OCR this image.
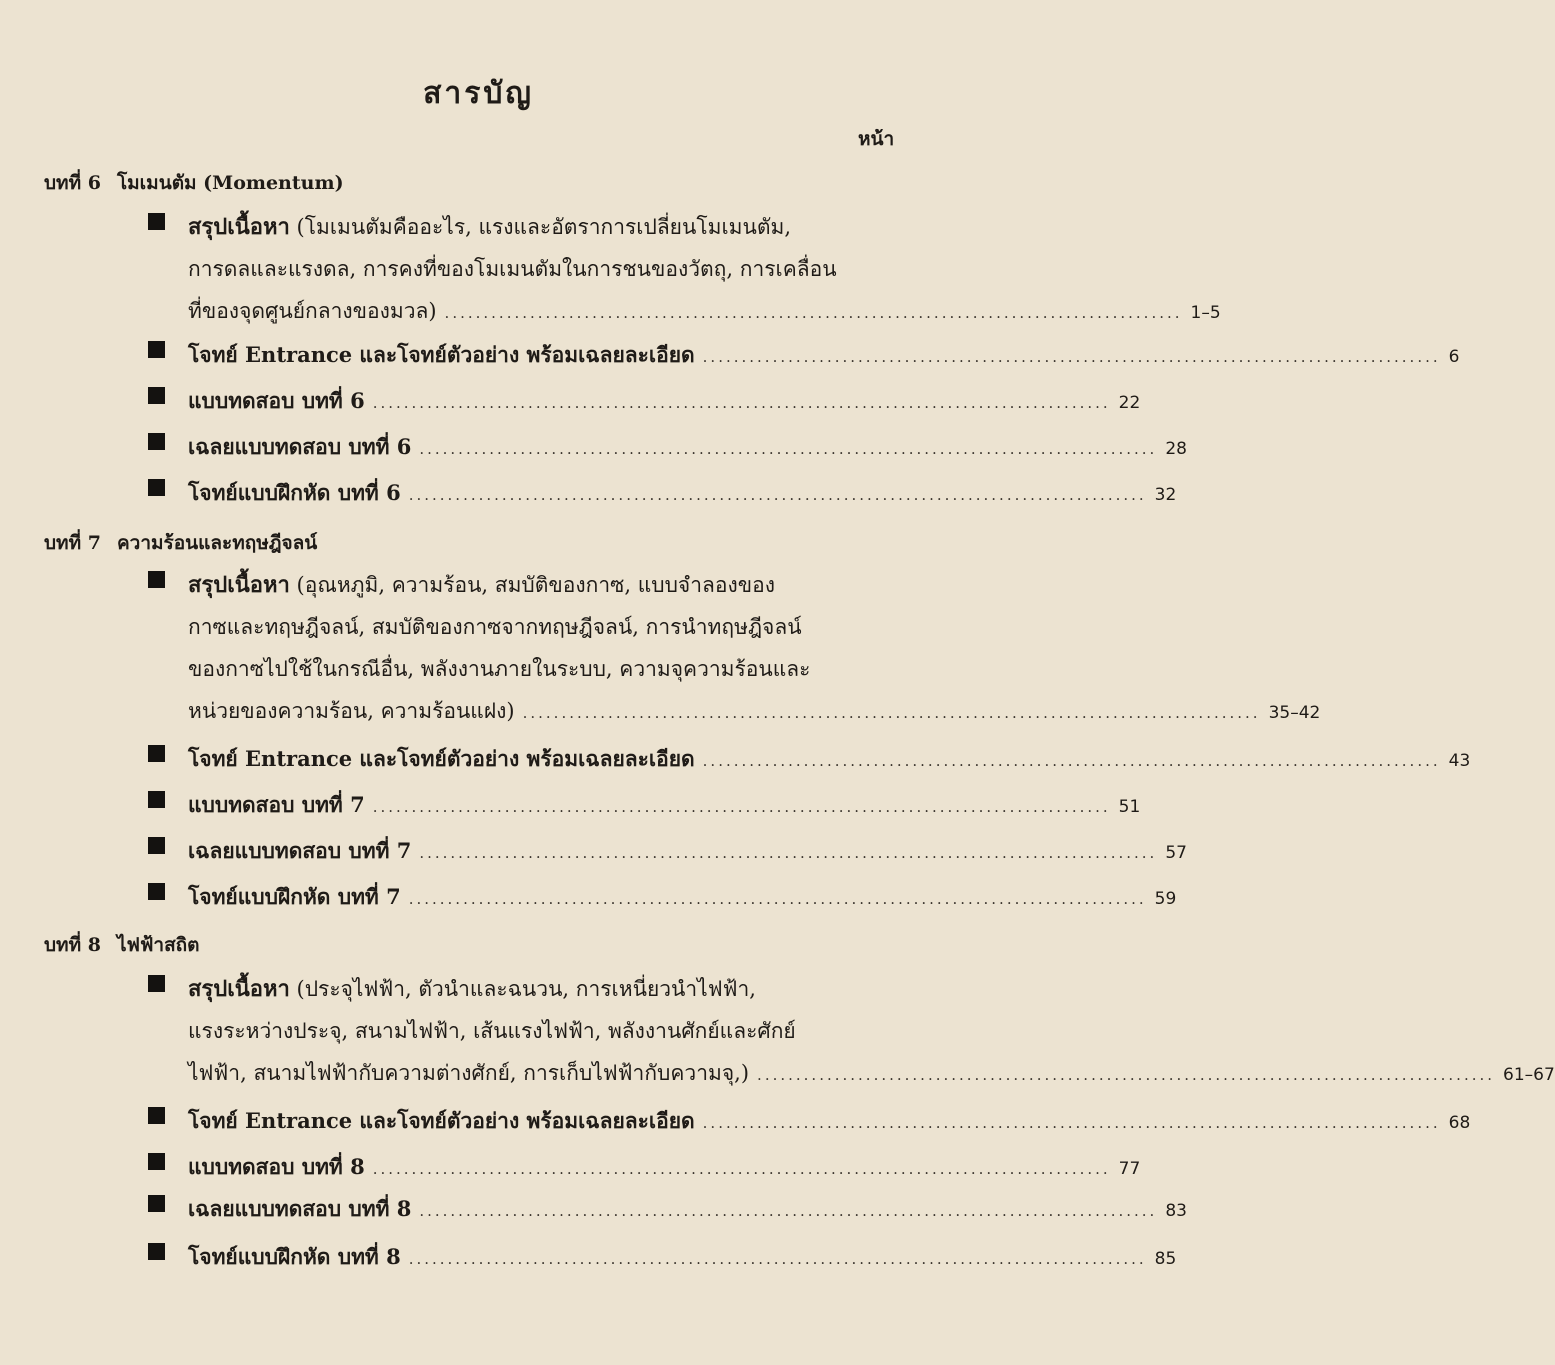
สารบัญ
หน้า
บทที่ 6 โมเมนตัม (Momentum)
สรุปเนื้อหา (โมเมนตัมคืออะไร, แรงและอัตราการเปลี่ยนโมเมนตัม,
การดลและแรงดล, การคงที่ของโมเมนตัมในการชนของวัตถุ, การเคลื่อน
ที่ของจุดศูนย์กลางของมวล) ............................................................................................... 1–5
โจทย์ Entrance และโจทย์ตัวอย่าง พร้อมเฉลยละเอียด ............................................................................................... 6
แบบทดสอบ บทที่ 6 ............................................................................................... 22
เฉลยแบบทดสอบ บทที่ 6 ............................................................................................... 28
โจทย์แบบฝึกหัด บทที่ 6 ............................................................................................... 32
บทที่ 7 ความร้อนและทฤษฎีจลน์
สรุปเนื้อหา (อุณหภูมิ, ความร้อน, สมบัติของกาซ, แบบจำลองของ
กาซและทฤษฎีจลน์, สมบัติของกาซจากทฤษฎีจลน์, การนำทฤษฎีจลน์
ของกาซไปใช้ในกรณีอื่น, พลังงานภายในระบบ, ความจุความร้อนและ
หน่วยของความร้อน, ความร้อนแฝง) ............................................................................................... 35–42
โจทย์ Entrance และโจทย์ตัวอย่าง พร้อมเฉลยละเอียด ............................................................................................... 43
แบบทดสอบ บทที่ 7 ............................................................................................... 51
เฉลยแบบทดสอบ บทที่ 7 ............................................................................................... 57
โจทย์แบบฝึกหัด บทที่ 7 ............................................................................................... 59
บทที่ 8 ไฟฟ้าสถิต
สรุปเนื้อหา (ประจุไฟฟ้า, ตัวนำและฉนวน, การเหนี่ยวนำไฟฟ้า,
แรงระหว่างประจุ, สนามไฟฟ้า, เส้นแรงไฟฟ้า, พลังงานศักย์และศักย์
ไฟฟ้า, สนามไฟฟ้ากับความต่างศักย์, การเก็บไฟฟ้ากับความจุ,) ............................................................................................... 61–67
โจทย์ Entrance และโจทย์ตัวอย่าง พร้อมเฉลยละเอียด ............................................................................................... 68
แบบทดสอบ บทที่ 8 ............................................................................................... 77
เฉลยแบบทดสอบ บทที่ 8 ............................................................................................... 83
โจทย์แบบฝึกหัด บทที่ 8 ............................................................................................... 85
